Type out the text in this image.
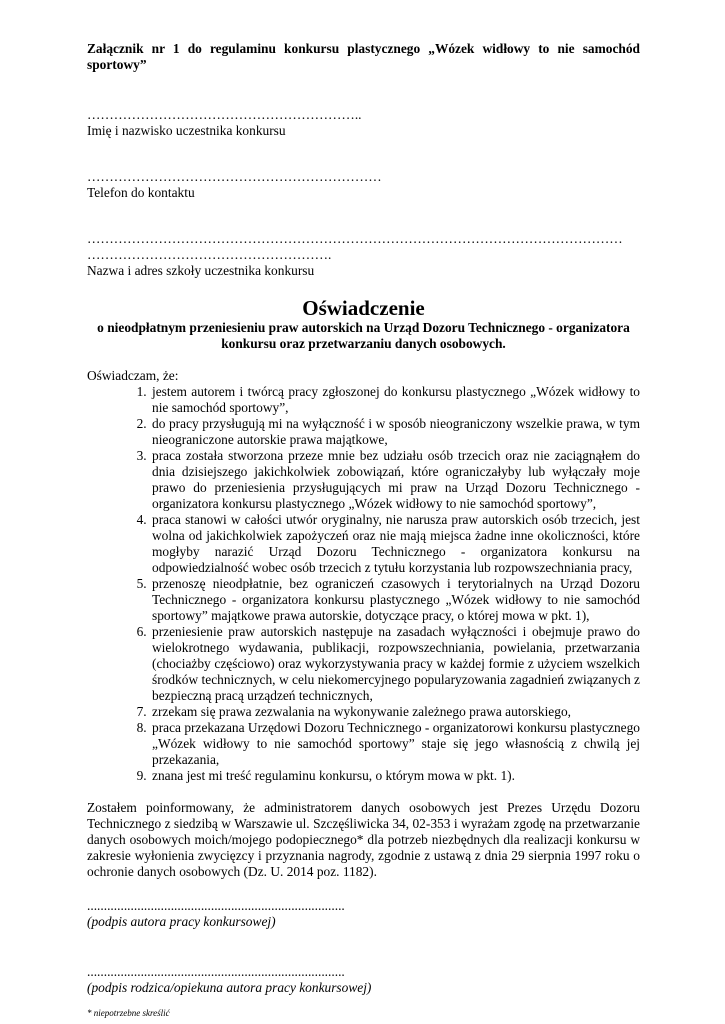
Załącznik nr 1 do regulaminu konkursu plastycznego „Wózek widłowy to nie samochód sportowy”
……………………………………………………..
Imię i nazwisko uczestnika konkursu
…………………………………………………………
Telefon do kontaktu
…………………………………………………………………………………………………………
……………………………………………….
Nazwa i adres szkoły uczestnika konkursu
Oświadczenie
o nieodpłatnym przeniesieniu praw autorskich na Urząd Dozoru Technicznego - organizatora konkursu oraz przetwarzaniu danych osobowych.
Oświadczam, że:
1. jestem autorem i twórcą pracy zgłoszonej do konkursu plastycznego „Wózek widłowy to nie samochód sportowy”,
2. do pracy przysługują mi na wyłączność i w sposób nieograniczony wszelkie prawa, w tym nieograniczone autorskie prawa majątkowe,
3. praca została stworzona przeze mnie bez udziału osób trzecich oraz nie zaciągnąłem do dnia dzisiejszego jakichkolwiek zobowiązań, które ograniczałyby lub wyłączały moje prawo do przeniesienia przysługujących mi praw na Urząd Dozoru Technicznego - organizatora konkursu plastycznego „Wózek widłowy to nie samochód sportowy”,
4. praca stanowi w całości utwór oryginalny, nie narusza praw autorskich osób trzecich, jest wolna od jakichkolwiek zapożyczeń oraz nie mają miejsca żadne inne okoliczności, które mogłyby narazić Urząd Dozoru Technicznego - organizatora konkursu na odpowiedzialność wobec osób trzecich z tytułu korzystania lub rozpowszechniania pracy,
5. przenoszę nieodpłatnie, bez ograniczeń czasowych i terytorialnych na Urząd Dozoru Technicznego - organizatora konkursu plastycznego „Wózek widłowy to nie samochód sportowy” majątkowe prawa autorskie, dotyczące pracy, o której mowa w pkt. 1),
6. przeniesienie praw autorskich następuje na zasadach wyłączności i obejmuje prawo do wielokrotnego wydawania, publikacji, rozpowszechniania, powielania, przetwarzania (chociażby częściowo) oraz wykorzystywania pracy w każdej formie z użyciem wszelkich środków technicznych, w celu niekomercyjnego popularyzowania zagadnień związanych z bezpieczną pracą urządzeń technicznych,
7. zrzekam się prawa zezwalania na wykonywanie zależnego prawa autorskiego,
8. praca przekazana Urzędowi Dozoru Technicznego - organizatorowi konkursu plastycznego „Wózek widłowy to nie samochód sportowy” staje się jego własnością z chwilą jej przekazania,
9. znana jest mi treść regulaminu konkursu, o którym mowa w pkt. 1).
Zostałem poinformowany, że administratorem danych osobowych jest Prezes Urzędu Dozoru Technicznego z siedzibą w Warszawie ul. Szczęśliwicka 34, 02-353 i wyrażam zgodę na przetwarzanie danych osobowych moich/mojego podopiecznego* dla potrzeb niezbędnych dla realizacji konkursu w zakresie wyłonienia zwycięzcy i przyznania nagrody, zgodnie z ustawą z dnia 29 sierpnia 1997 roku o ochronie danych osobowych (Dz. U. 2014 poz. 1182).
.............................................................................
(podpis autora pracy konkursowej)
.............................................................................
(podpis rodzica/opiekuna autora pracy konkursowej)
* niepotrzebne skreślić
